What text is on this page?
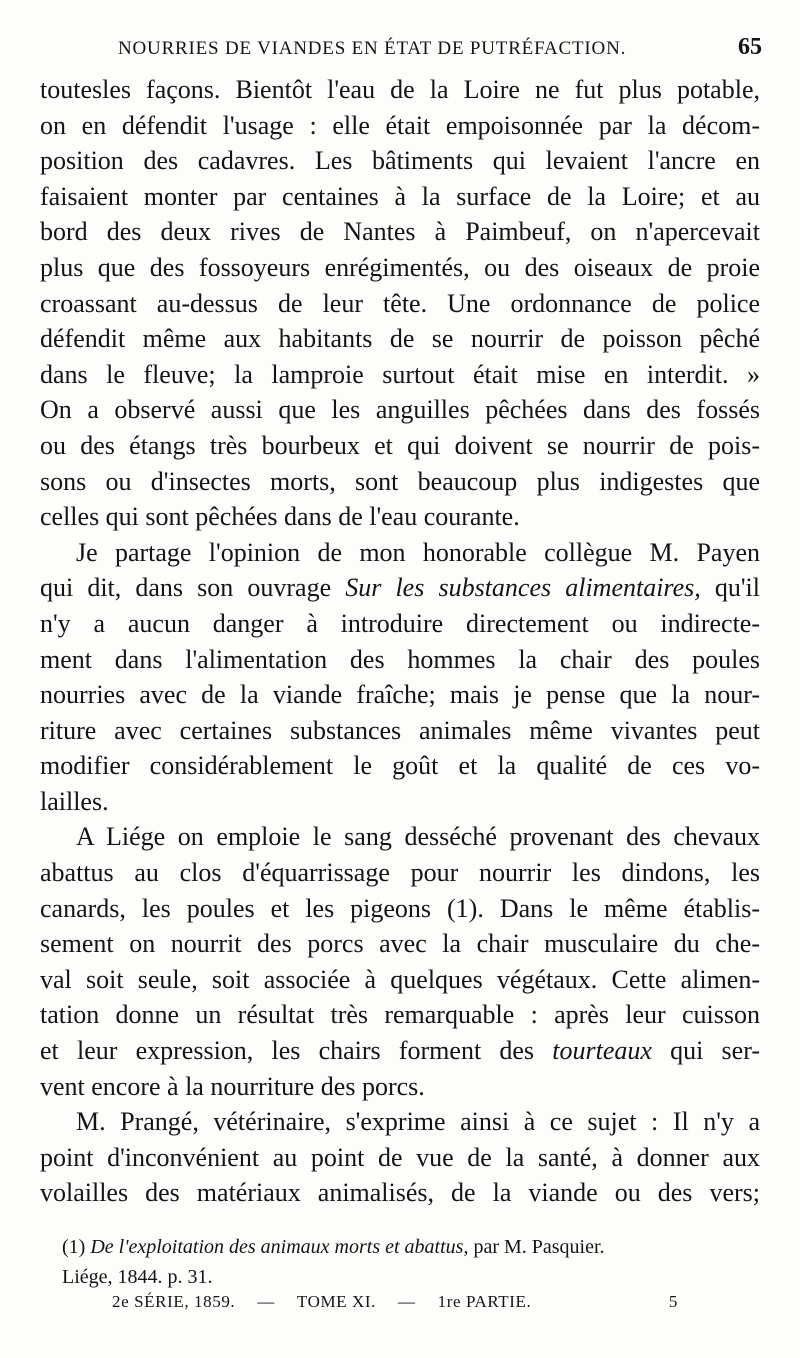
NOURRIES DE VIANDES EN ÉTAT DE PUTRÉFACTION.	65
toutesles façons. Bientôt l'eau de la Loire ne fut plus potable,
on en défendit l'usage : elle était empoisonnée par la décom-
position des cadavres. Les bâtiments qui levaient l'ancre en
faisaient monter par centaines à la surface de la Loire; et au
bord des deux rives de Nantes à Paimbeuf, on n'apercevait
plus que des fossoyeurs enrégimentés, ou des oiseaux de proie
croassant au-dessus de leur tête. Une ordonnance de police
défendit même aux habitants de se nourrir de poisson pêché
dans le fleuve; la lamproie surtout était mise en interdit. »
On a observé aussi que les anguilles pêchées dans des fossés
ou des étangs très bourbeux et qui doivent se nourrir de pois-
sons ou d'insectes morts, sont beaucoup plus indigestes que
celles qui sont pêchées dans de l'eau courante.
Je partage l'opinion de mon honorable collègue M. Payen
qui dit, dans son ouvrage Sur les substances alimentaires, qu'il
n'y a aucun danger à introduire directement ou indirecte-
ment dans l'alimentation des hommes la chair des poules
nourries avec de la viande fraîche; mais je pense que la nour-
riture avec certaines substances animales même vivantes peut
modifier considérablement le goût et la qualité de ces vo-
lailles.
A Liége on emploie le sang desséché provenant des chevaux
abattus au clos d'équarrissage pour nourrir les dindons, les
canards, les poules et les pigeons (1). Dans le même établis-
sement on nourrit des porcs avec la chair musculaire du che-
val soit seule, soit associée à quelques végétaux. Cette alimen-
tation donne un résultat très remarquable : après leur cuisson
et leur expression, les chairs forment des tourteaux qui ser-
vent encore à la nourriture des porcs.
M. Prangé, vétérinaire, s'exprime ainsi à ce sujet : Il n'y a
point d'inconvénient au point de vue de la santé, à donner aux
volailles des matériaux animalisés, de la viande ou des vers;
(1) De l'exploitation des animaux morts et abattus, par M. Pasquier.
Liége, 1844. p. 31.
2e SÉRIE, 1859. — TOME XI. — 1re PARTIE.	5
